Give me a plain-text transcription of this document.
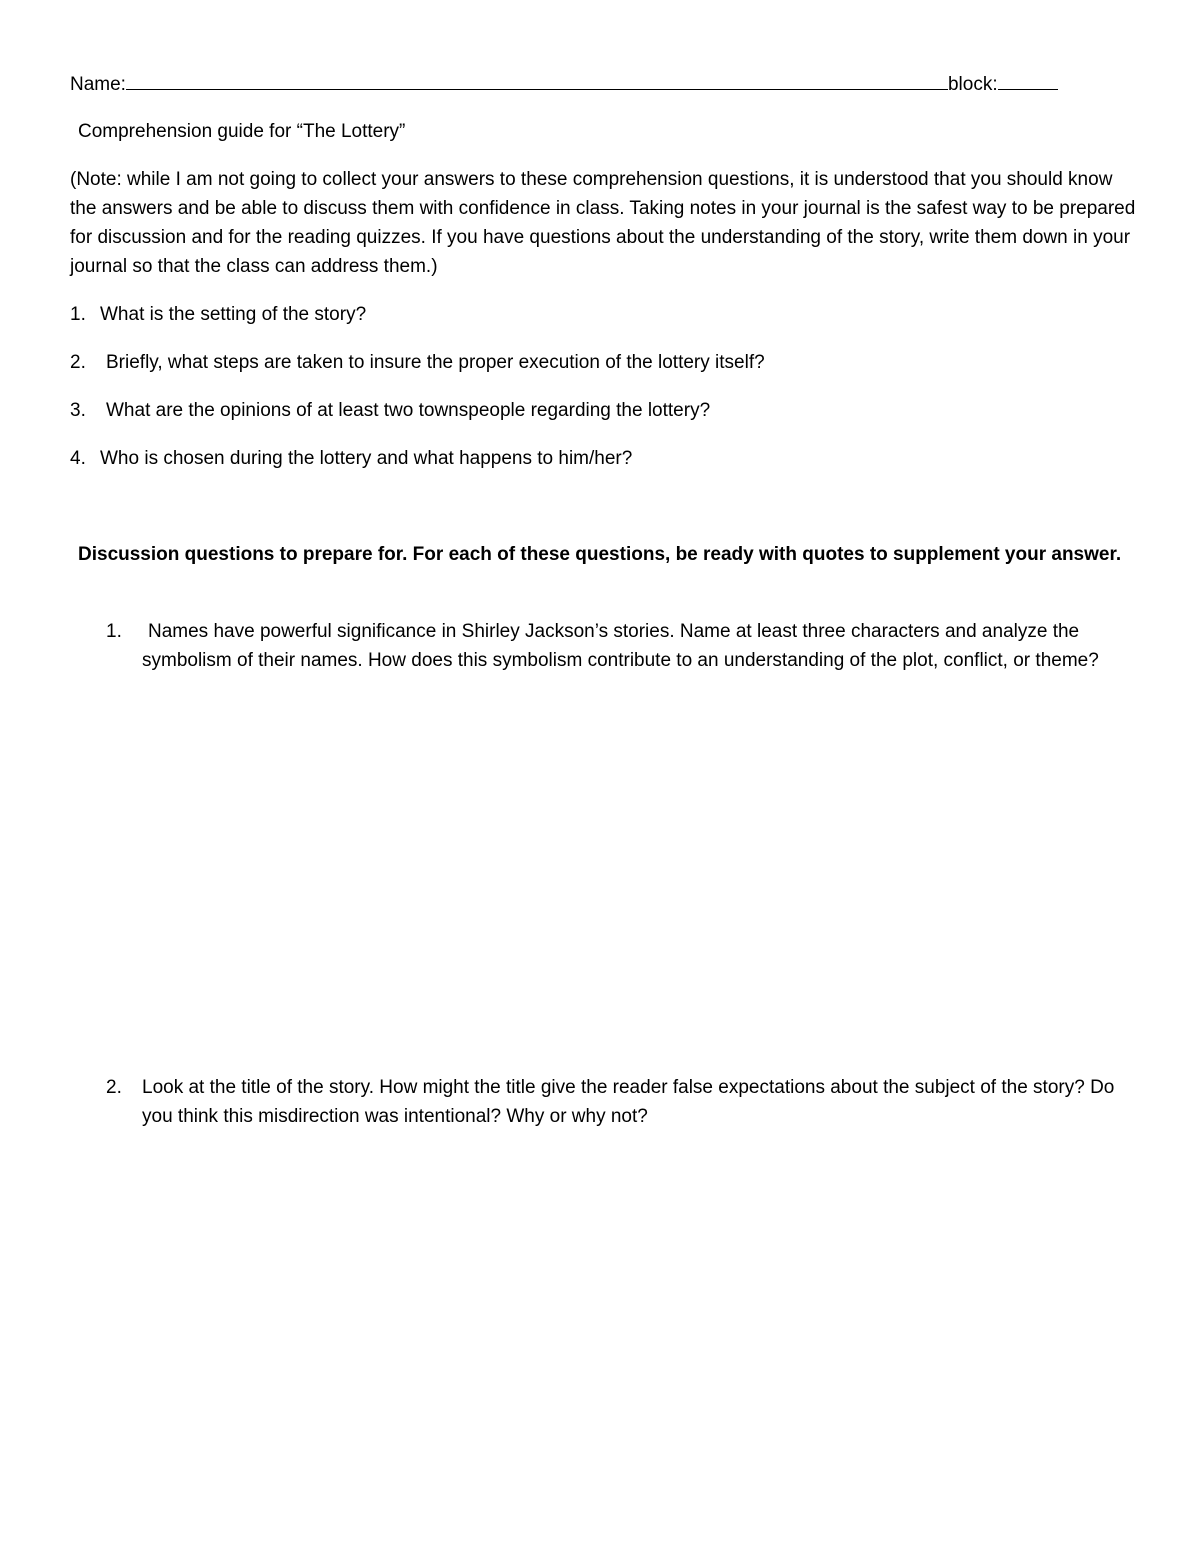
Name:	block:
Comprehension guide for “The Lottery”

(Note: while I am not going to collect your answers to these comprehension questions, it is understood that you should know the answers and be able to discuss them with confidence in class. Taking notes in your journal is the safest way to be prepared for discussion and for the reading quizzes. If you have questions about the understanding of the story, write them down in your journal so that the class can address them.)

1. What is the setting of the story?
2. Briefly, what steps are taken to insure the proper execution of the lottery itself?
3. What are the opinions of at least two townspeople regarding the lottery?
4. Who is chosen during the lottery and what happens to him/her?
Discussion questions to prepare for. For each of these questions, be ready with quotes to supplement your answer.
1.	Names have powerful significance in Shirley Jackson’s stories. Name at least three characters and analyze the symbolism of their names. How does this symbolism contribute to an understanding of the plot, conflict, or theme?
2. Look at the title of the story. How might the title give the reader false expectations about the subject of the story? Do you think this misdirection was intentional? Why or why not?
